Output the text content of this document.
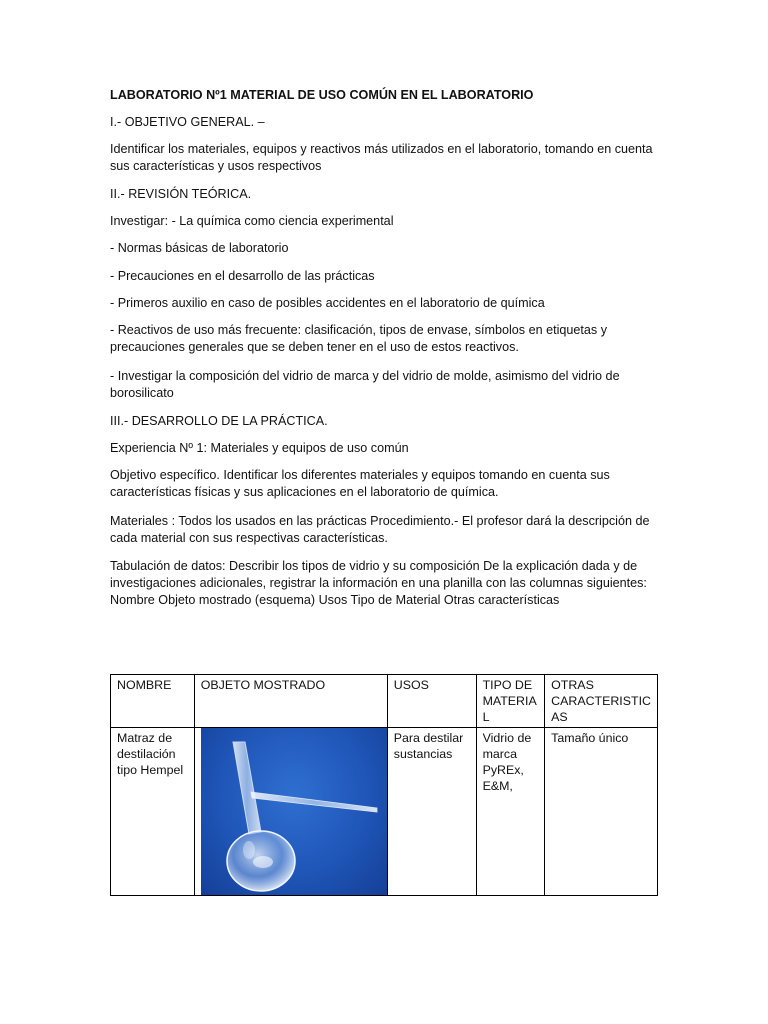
LABORATORIO Nº1 MATERIAL DE USO COMÚN EN EL LABORATORIO

I.- OBJETIVO GENERAL. –

Identificar los materiales, equipos y reactivos más utilizados en el laboratorio, tomando en cuenta sus características y usos respectivos

II.- REVISIÓN TEÓRICA.

Investigar: - La química como ciencia experimental

- Normas básicas de laboratorio

- Precauciones en el desarrollo de las prácticas

- Primeros auxilio en caso de posibles accidentes en el laboratorio de química

- Reactivos de uso más frecuente: clasificación, tipos de envase, símbolos en etiquetas y precauciones generales que se deben tener en el uso de estos reactivos.

- Investigar la composición del vidrio de marca y del vidrio de molde, asimismo del vidrio de borosilicato

III.- DESARROLLO DE LA PRÁCTICA.

Experiencia Nº 1: Materiales y equipos de uso común

Objetivo específico. Identificar los diferentes materiales y equipos tomando en cuenta sus características físicas y sus aplicaciones en el laboratorio de química.

Materiales : Todos los usados en las prácticas Procedimiento.- El profesor dará la descripción de cada material con sus respectivas características.

Tabulación de datos: Describir los tipos de vidrio y su composición De la explicación dada y de investigaciones adicionales, registrar la información en una planilla con las columnas siguientes: Nombre Objeto mostrado (esquema) Usos Tipo de Material Otras características

NOMBRE	OBJETO MOSTRADO	USOS	TIPO DE MATERIA L	OTRAS CARACTERISTIC AS
Matraz de destilación tipo Hempel		Para destilar sustancias	Vidrio de marca PyREx, E&M,	Tamaño único
